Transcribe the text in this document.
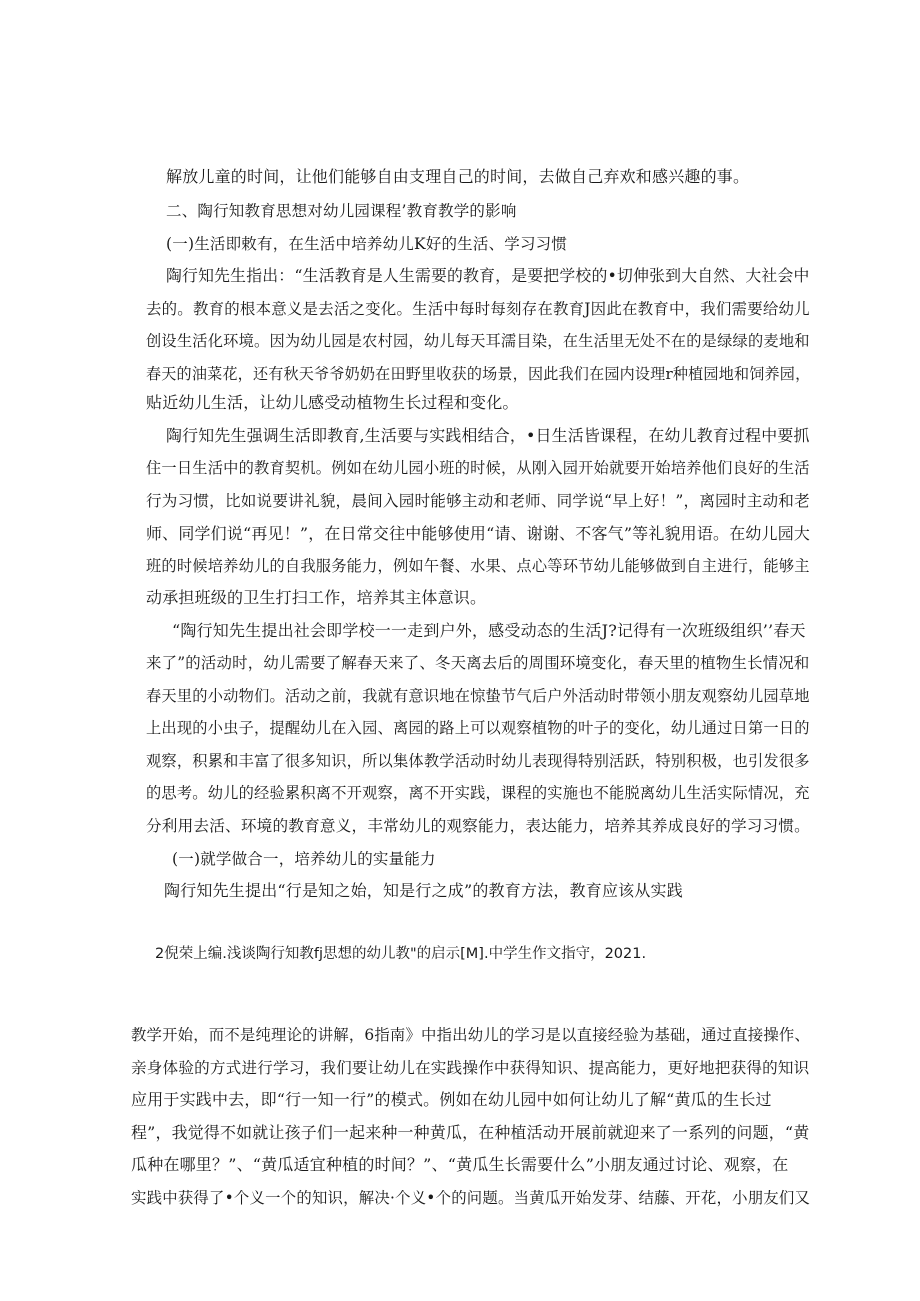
解放儿童的时间，让他们能够自由支理自己的时间，去做自己弃欢和感兴趣的事。
二、陶行知教育思想对幼儿园课程’教育教学的影响
(一)生活即敕有，在生活中培养幼儿K好的生活、学习习惯
陶行知先生指出：“生活教育是人生需要的教育，是要把学校的•切伸张到大自然、大社会中
去的。教育的根本意义是去活之变化。生活中每时每刻存在教育J因此在教育中，我们需要给幼儿
创设生活化环境。因为幼儿园是农村园，幼儿每天耳濡目染，在生活里无处不在的是绿绿的麦地和
春天的油菜花，还有秋天爷爷奶奶在田野里收获的场景，因此我们在园内设理r种植园地和饲养园，
贴近幼儿生活，让幼儿感受动植物生长过程和变化。
陶行知先生强调生活即教育,生活要与实践相结合，•日生活皆课程，在幼儿教育过程中要抓
住一日生活中的教育契机。例如在幼儿园小班的时候，从刚入园开始就要开始培养他们良好的生活
行为习惯，比如说要讲礼貌，晨间入园时能够主动和老师、同学说“早上好！”，离园时主动和老
师、同学们说“再见！”，在日常交往中能够使用“请、谢谢、不客气”等礼貌用语。在幼儿园大
班的时候培养幼儿的自我服务能力，例如午餐、水果、点心等环节幼儿能够做到自主进行，能够主
动承担班级的卫生打扫工作，培养其主体意识。
“陶行知先生提出社会即学校一一走到户外，感受动态的生活J?记得有一次班级组织’’春天
来了”的活动时，幼儿需要了解春天来了、冬天离去后的周围环境变化，春天里的植物生长情况和
春天里的小动物们。活动之前，我就有意识地在惊蛰节气后户外活动时带领小朋友观察幼儿园草地
上出现的小虫子，提醒幼儿在入园、离园的路上可以观察植物的叶子的变化，幼儿通过日第一日的
观察，积累和丰富了很多知识，所以集体教学活动时幼儿表现得特别活跃，特别积极，也引发很多
的思考。幼儿的经验累积离不开观察，离不开实践，课程的实施也不能脱离幼儿生活实际情况，充
分利用去活、环境的教育意义，丰常幼儿的观察能力，表达能力，培养其养成良好的学习习惯。
(一)就学做合一，培养幼儿的实量能力
陶行知先生提出“行是知之始，知是行之成”的教育方法，教育应该从实践
2倪荣上编.浅谈陶行知教fj思想的幼儿教"的启示[M].中学生作文指守，2021.
教学开始，而不是纯理论的讲解，6指南》中指出幼儿的学习是以直接经验为基础，通过直接操作、
亲身体验的方式进行学习，我们要让幼儿在实践操作中获得知识、提高能力，更好地把获得的知识
应用于实践中去，即“行一知一行”的模式。例如在幼儿园中如何让幼儿了解“黄瓜的生长过
程”，我觉得不如就让孩子们一起来种一种黄瓜，在种植活动开展前就迎来了一系列的问题，“黄
瓜种在哪里？”、“黄瓜适宜种植的时间？”、“黄瓜生长需要什么”小朋友通过讨论、观察，在
实践中获得了•个义一个的知识，解决·个义•个的问题。当黄瓜开始发芽、结藤、开花，小朋友们又
